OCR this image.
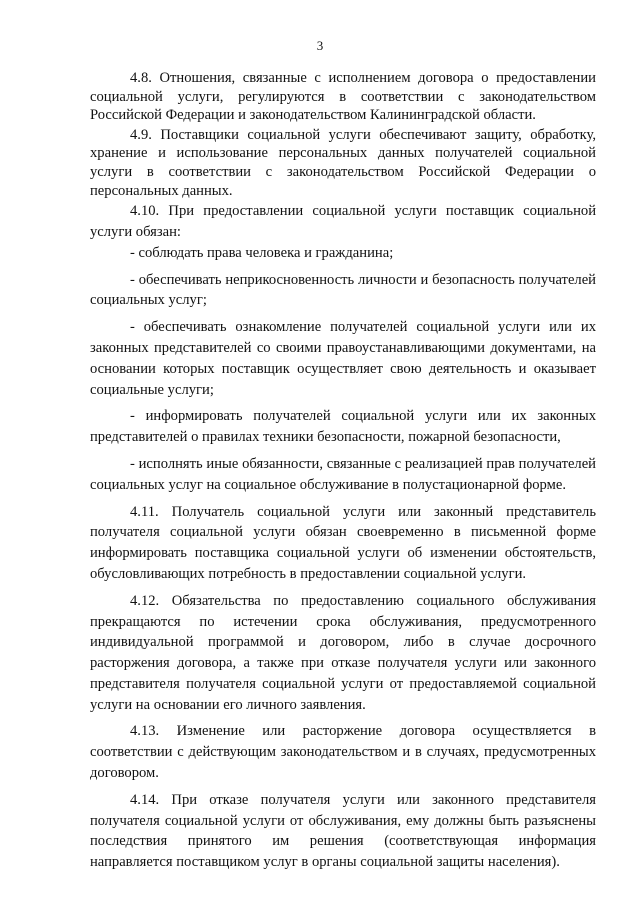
3

4.8. Отношения, связанные с исполнением договора о предоставлении социальной услуги, регулируются в соответствии с законодательством Российской Федерации и законодательством Калининградской области.

4.9. Поставщики социальной услуги обеспечивают защиту, обработку, хранение и использование персональных данных получателей социальной услуги в соответствии с законодательством Российской Федерации о персональных данных.

4.10. При предоставлении социальной услуги поставщик социальной услуги обязан:

- соблюдать права человека и гражданина;

- обеспечивать неприкосновенность личности и безопасность получателей социальных услуг;

- обеспечивать ознакомление получателей социальной услуги или их законных представителей со своими правоустанавливающими документами, на основании которых поставщик осуществляет свою деятельность и оказывает социальные услуги;

- информировать получателей социальной услуги или их законных представителей о правилах техники безопасности, пожарной безопасности,

- исполнять иные обязанности, связанные с реализацией прав получателей социальных услуг на социальное обслуживание в полустационарной форме.

4.11. Получатель социальной услуги или законный представитель получателя социальной услуги обязан своевременно в письменной форме информировать поставщика социальной услуги об изменении обстоятельств, обусловливающих потребность в предоставлении социальной услуги.

4.12. Обязательства по предоставлению социального обслуживания прекращаются по истечении срока обслуживания, предусмотренного индивидуальной программой и договором, либо в случае досрочного расторжения договора, а также при отказе получателя услуги или законного представителя получателя социальной услуги от предоставляемой социальной услуги на основании его личного заявления.

4.13. Изменение или расторжение договора осуществляется в соответствии с действующим законодательством и в случаях, предусмотренных договором.

4.14. При отказе получателя услуги или законного представителя получателя социальной услуги от обслуживания, ему должны быть разъяснены последствия принятого им решения (соответствующая информация направляется поставщиком услуг в органы социальной защиты населения).
